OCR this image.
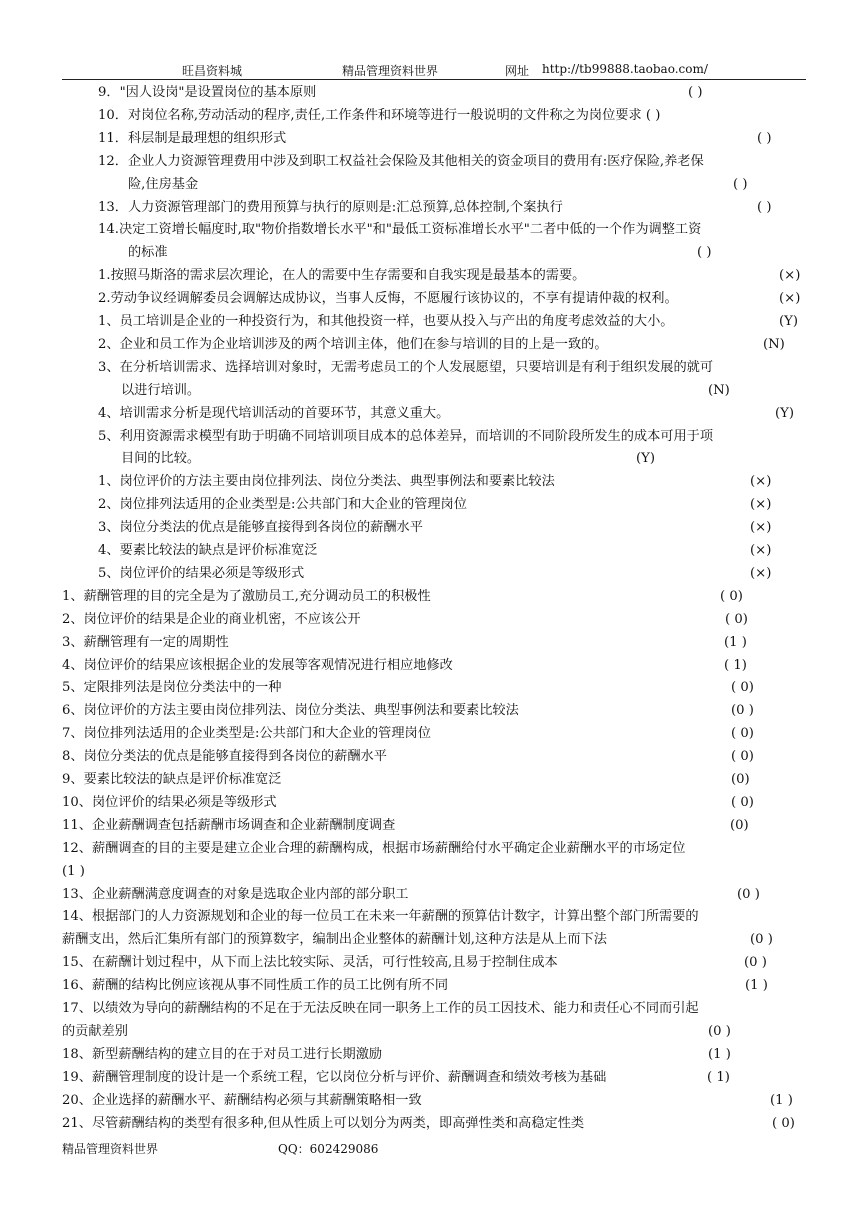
旺昌资料城	精品管理资料世界	网址 http://tb99888.taobao.com/
9．"因人设岗"是设置岗位的基本原则	( )
10．对岗位名称,劳动活动的程序,责任,工作条件和环境等进行一般说明的文件称之为岗位要求 ( )
11．科层制是最理想的组织形式	( )
12．企业人力资源管理费用中涉及到职工权益社会保险及其他相关的资金项目的费用有:医疗保险,养老保
险,住房基金	( )
13．人力资源管理部门的费用预算与执行的原则是:汇总预算,总体控制,个案执行	( )
14.决定工资增长幅度时,取"物价指数增长水平"和"最低工资标准增长水平"二者中低的一个作为调整工资
的标准	( )
1.按照马斯洛的需求层次理论，在人的需要中生存需要和自我实现是最基本的需要。	(×)
2.劳动争议经调解委员会调解达成协议，当事人反悔，不愿履行该协议的，不享有提请仲裁的权利。	(×)
1、员工培训是企业的一种投资行为，和其他投资一样，也要从投入与产出的角度考虑效益的大小。	(Y)
2、企业和员工作为企业培训涉及的两个培训主体，他们在参与培训的目的上是一致的。	(N)
3、在分析培训需求、选择培训对象时，无需考虑员工的个人发展愿望，只要培训是有利于组织发展的就可
以进行培训。	(N)
4、培训需求分析是现代培训活动的首要环节，其意义重大。	(Y)
5、利用资源需求模型有助于明确不同培训项目成本的总体差异，而培训的不同阶段所发生的成本可用于项
目间的比较。	(Y)
1、岗位评价的方法主要由岗位排列法、岗位分类法、典型事例法和要素比较法	(×)
2、岗位排列法适用的企业类型是:公共部门和大企业的管理岗位	(×)
3、岗位分类法的优点是能够直接得到各岗位的薪酬水平	(×)
4、要素比较法的缺点是评价标准宽泛	(×)
5、岗位评价的结果必须是等级形式	(×)
1、薪酬管理的目的完全是为了激励员工,充分调动员工的积极性	( 0)
2、岗位评价的结果是企业的商业机密，不应该公开	( 0)
3、薪酬管理有一定的周期性	(1 )
4、岗位评价的结果应该根据企业的发展等客观情况进行相应地修改	( 1)
5、定限排列法是岗位分类法中的一种	( 0)
6、岗位评价的方法主要由岗位排列法、岗位分类法、典型事例法和要素比较法	(0 )
7、岗位排列法适用的企业类型是:公共部门和大企业的管理岗位	( 0)
8、岗位分类法的优点是能够直接得到各岗位的薪酬水平	( 0)
9、要素比较法的缺点是评价标准宽泛	(0)
10、岗位评价的结果必须是等级形式	( 0)
11、企业薪酬调查包括薪酬市场调查和企业薪酬制度调查	(0)
12、薪酬调查的目的主要是建立企业合理的薪酬构成，根据市场薪酬给付水平确定企业薪酬水平的市场定位
(1 )
13、企业薪酬满意度调查的对象是选取企业内部的部分职工	(0 )
14、根据部门的人力资源规划和企业的每一位员工在未来一年薪酬的预算估计数字，计算出整个部门所需要的
薪酬支出，然后汇集所有部门的预算数字，编制出企业整体的薪酬计划,这种方法是从上而下法	(0 )
15、在薪酬计划过程中，从下而上法比较实际、灵活，可行性较高,且易于控制住成本	(0 )
16、薪酬的结构比例应该视从事不同性质工作的员工比例有所不同	(1 )
17、以绩效为导向的薪酬结构的不足在于无法反映在同一职务上工作的员工因技术、能力和责任心不同而引起
的贡献差别	(0 )
18、新型薪酬结构的建立目的在于对员工进行长期激励	(1 )
19、薪酬管理制度的设计是一个系统工程，它以岗位分析与评价、薪酬调查和绩效考核为基础	( 1)
20、企业选择的薪酬水平、薪酬结构必须与其薪酬策略相一致	(1 )
21、尽管薪酬结构的类型有很多种,但从性质上可以划分为两类，即高弹性类和高稳定性类	( 0)
精品管理资料世界	QQ：602429086
